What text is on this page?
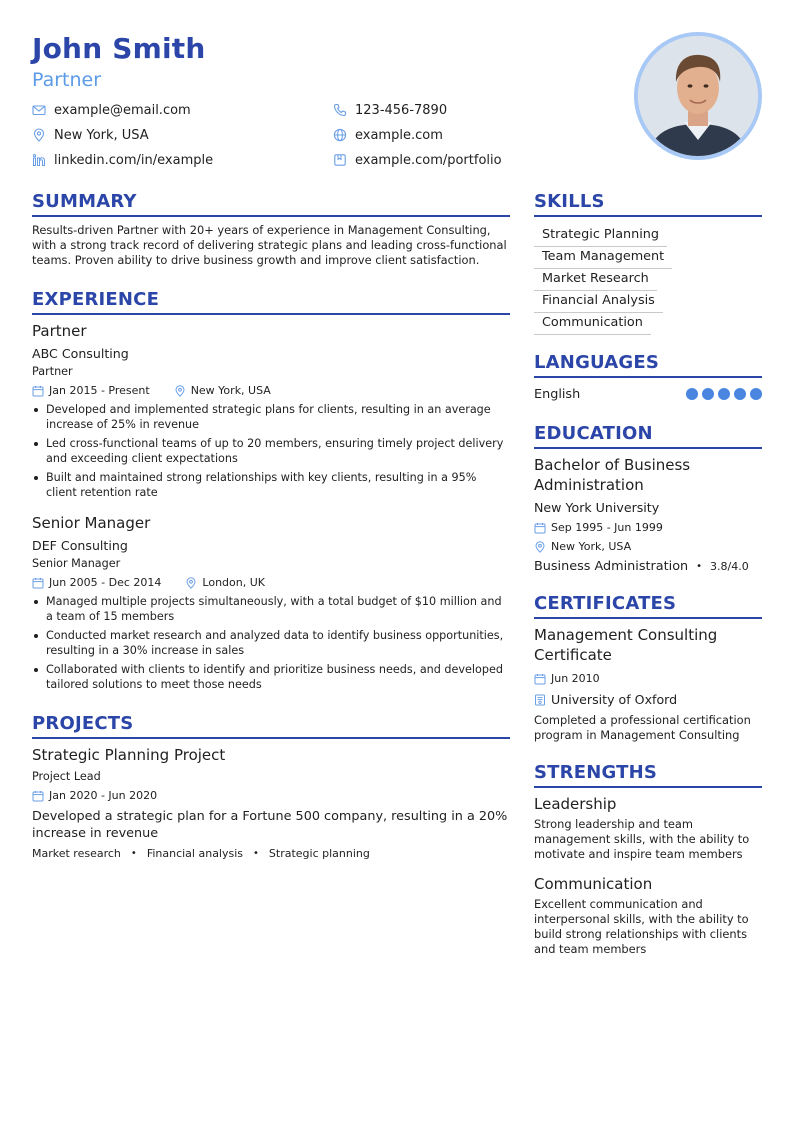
John Smith
Partner
example@email.com	123-456-7890
New York, USA	example.com
linkedin.com/in/example	example.com/portfolio
SUMMARY
Results-driven Partner with 20+ years of experience in Management Consulting, with a strong track record of delivering strategic plans and leading cross-functional teams. Proven ability to drive business growth and improve client satisfaction.
EXPERIENCE
Partner
ABC Consulting
Partner
Jan 2015 - Present	New York, USA
Developed and implemented strategic plans for clients, resulting in an average increase of 25% in revenue
Led cross-functional teams of up to 20 members, ensuring timely project delivery and exceeding client expectations
Built and maintained strong relationships with key clients, resulting in a 95% client retention rate
Senior Manager
DEF Consulting
Senior Manager
Jun 2005 - Dec 2014	London, UK
Managed multiple projects simultaneously, with a total budget of $10 million and a team of 15 members
Conducted market research and analyzed data to identify business opportunities, resulting in a 30% increase in sales
Collaborated with clients to identify and prioritize business needs, and developed tailored solutions to meet those needs
PROJECTS
Strategic Planning Project
Project Lead
Jan 2020 - Jun 2020
Developed a strategic plan for a Fortune 500 company, resulting in a 20% increase in revenue
Market research • Financial analysis • Strategic planning
SKILLS
Strategic Planning
Team Management
Market Research
Financial Analysis
Communication
LANGUAGES
English
EDUCATION
Bachelor of Business Administration
New York University
Sep 1995 - Jun 1999
New York, USA
Business Administration • 3.8/4.0
CERTIFICATES
Management Consulting Certificate
Jun 2010
University of Oxford
Completed a professional certification program in Management Consulting
STRENGTHS
Leadership
Strong leadership and team management skills, with the ability to motivate and inspire team members
Communication
Excellent communication and interpersonal skills, with the ability to build strong relationships with clients and team members
